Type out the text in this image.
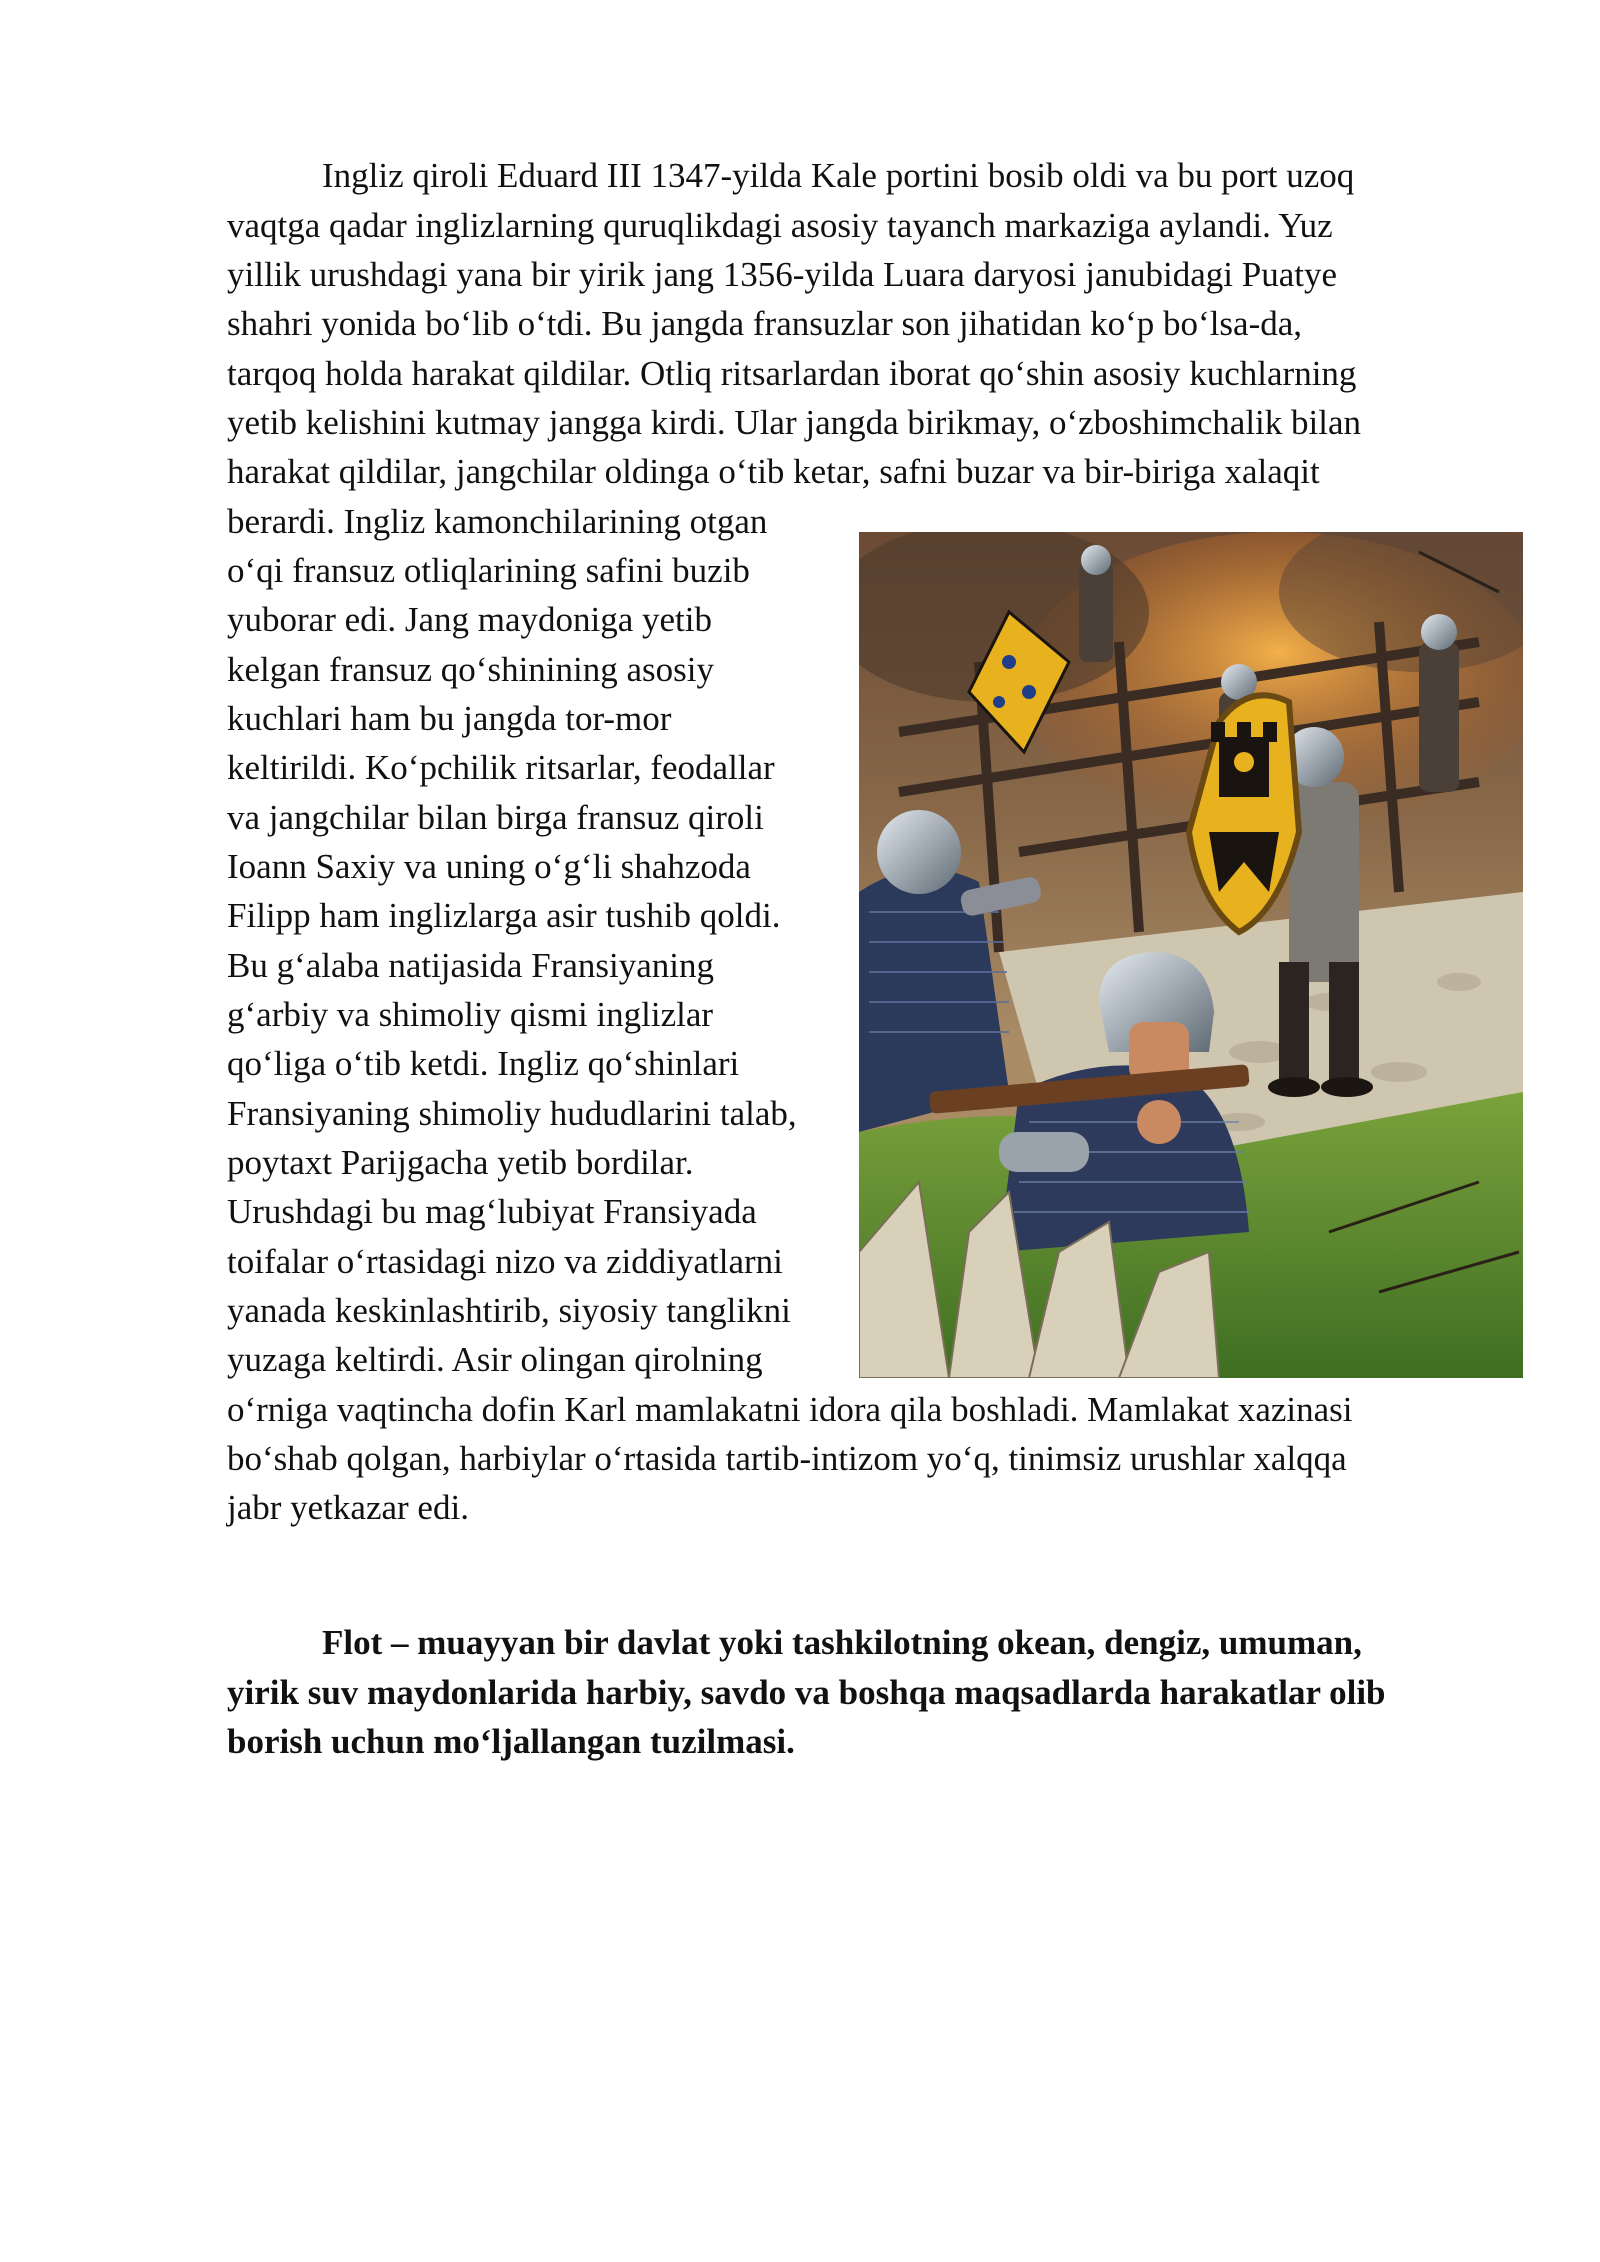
Ingliz qiroli Eduard III 1347-yilda Kale portini bosib oldi va bu port uzoq
vaqtga qadar inglizlarning quruqlikdagi asosiy tayanch markaziga aylandi. Yuz
yillik urushdagi yana bir yirik jang 1356-yilda Luara daryosi janubidagi Puatye
shahri yonida bo‘lib o‘tdi. Bu jangda fransuzlar son jihatidan ko‘p bo‘lsa-da,
tarqoq holda harakat qildilar. Otliq ritsarlardan iborat qo‘shin asosiy kuchlarning
yetib kelishini kutmay jangga kirdi. Ular jangda birikmay, o‘zboshimchalik bilan
harakat qildilar, jangchilar oldinga o‘tib ketar, safni buzar va bir-biriga xalaqit
berardi. Ingliz kamonchilarining otgan
o‘qi fransuz otliqlarining safini buzib
yuborar edi. Jang maydoniga yetib
kelgan fransuz qo‘shinining asosiy
kuchlari ham bu jangda tor-mor
keltirildi. Ko‘pchilik ritsarlar, feodallar
va jangchilar bilan birga fransuz qiroli
Ioann Saxiy va uning o‘g‘li shahzoda
Filipp ham inglizlarga asir tushib qoldi.
Bu g‘alaba natijasida Fransiyaning
g‘arbiy va shimoliy qismi inglizlar
qo‘liga o‘tib ketdi. Ingliz qo‘shinlari
Fransiyaning shimoliy hududlarini talab,
poytaxt Parijgacha yetib bordilar.
Urushdagi bu mag‘lubiyat Fransiyada
toifalar o‘rtasidagi nizo va ziddiyatlarni
yanada keskinlashtirib, siyosiy tanglikni
yuzaga keltirdi. Asir olingan qirolning
o‘rniga vaqtincha dofin Karl mamlakatni idora qila boshladi. Mamlakat xazinasi
bo‘shab qolgan, harbiylar o‘rtasida tartib-intizom yo‘q, tinimsiz urushlar xalqqa
jabr yetkazar edi.
Flot – muayyan bir davlat yoki tashkilotning okean, dengiz, umuman,
yirik suv maydonlarida harbiy, savdo va boshqa maqsadlarda harakatlar olib
borish uchun mo‘ljallangan tuzilmasi.
